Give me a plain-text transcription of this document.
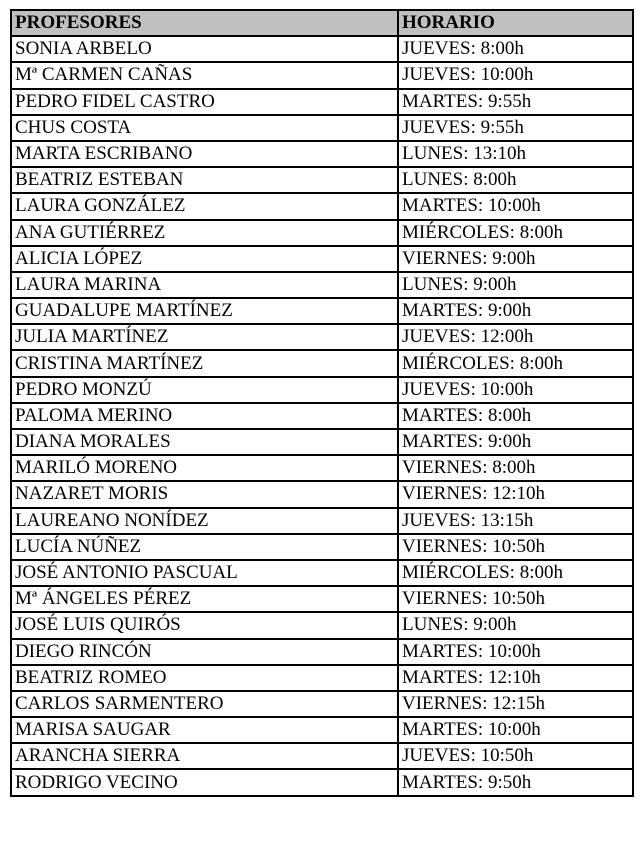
PROFESORES	HORARIO
SONIA ARBELO	JUEVES: 8:00h
Mª CARMEN CAÑAS	JUEVES: 10:00h
PEDRO FIDEL CASTRO	MARTES: 9:55h
CHUS COSTA	JUEVES: 9:55h
MARTA ESCRIBANO	LUNES: 13:10h
BEATRIZ ESTEBAN	LUNES: 8:00h
LAURA GONZÁLEZ	MARTES: 10:00h
ANA GUTIÉRREZ	MIÉRCOLES: 8:00h
ALICIA LÓPEZ	VIERNES: 9:00h
LAURA MARINA	LUNES: 9:00h
GUADALUPE MARTÍNEZ	MARTES: 9:00h
JULIA MARTÍNEZ	JUEVES: 12:00h
CRISTINA MARTÍNEZ	MIÉRCOLES: 8:00h
PEDRO MONZÚ	JUEVES: 10:00h
PALOMA MERINO	MARTES: 8:00h
DIANA MORALES	MARTES: 9:00h
MARILÓ MORENO	VIERNES: 8:00h
NAZARET MORIS	VIERNES: 12:10h
LAUREANO NONÍDEZ	JUEVES: 13:15h
LUCÍA NÚÑEZ	VIERNES: 10:50h
JOSÉ ANTONIO PASCUAL	MIÉRCOLES: 8:00h
Mª ÁNGELES PÉREZ	VIERNES: 10:50h
JOSÉ LUIS QUIRÓS	LUNES: 9:00h
DIEGO RINCÓN	MARTES: 10:00h
BEATRIZ ROMEO	MARTES: 12:10h
CARLOS SARMENTERO	VIERNES: 12:15h
MARISA SAUGAR	MARTES: 10:00h
ARANCHA SIERRA	JUEVES: 10:50h
RODRIGO VECINO	MARTES: 9:50h
